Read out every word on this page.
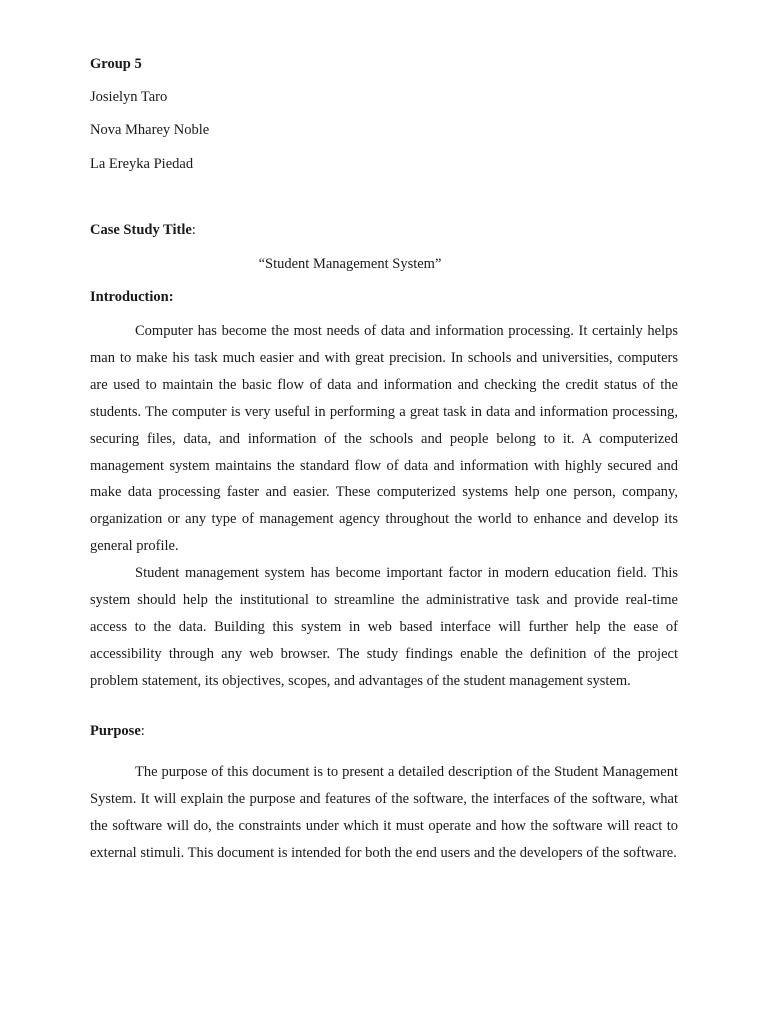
Group 5
Josielyn Taro
Nova Mharey Noble
La Ereyka Piedad
Case Study Title:
“Student Management System”
Introduction:

Computer has become the most needs of data and information processing. It certainly helps man to make his task much easier and with great precision. In schools and universities, computers are used to maintain the basic flow of data and information and checking the credit status of the students. The computer is very useful in performing a great task in data and information processing, securing files, data, and information of the schools and people belong to it. A computerized management system maintains the standard flow of data and information with highly secured and make data processing faster and easier. These computerized systems help one person, company, organization or any type of management agency throughout the world to enhance and develop its general profile.

Student management system has become important factor in modern education field. This system should help the institutional to streamline the administrative task and provide real-time access to the data. Building this system in web based interface will further help the ease of accessibility through any web browser. The study findings enable the definition of the project problem statement, its objectives, scopes, and advantages of the student management system.

Purpose:

The purpose of this document is to present a detailed description of the Student Management System. It will explain the purpose and features of the software, the interfaces of the software, what the software will do, the constraints under which it must operate and how the software will react to external stimuli. This document is intended for both the end users and the developers of the software.
